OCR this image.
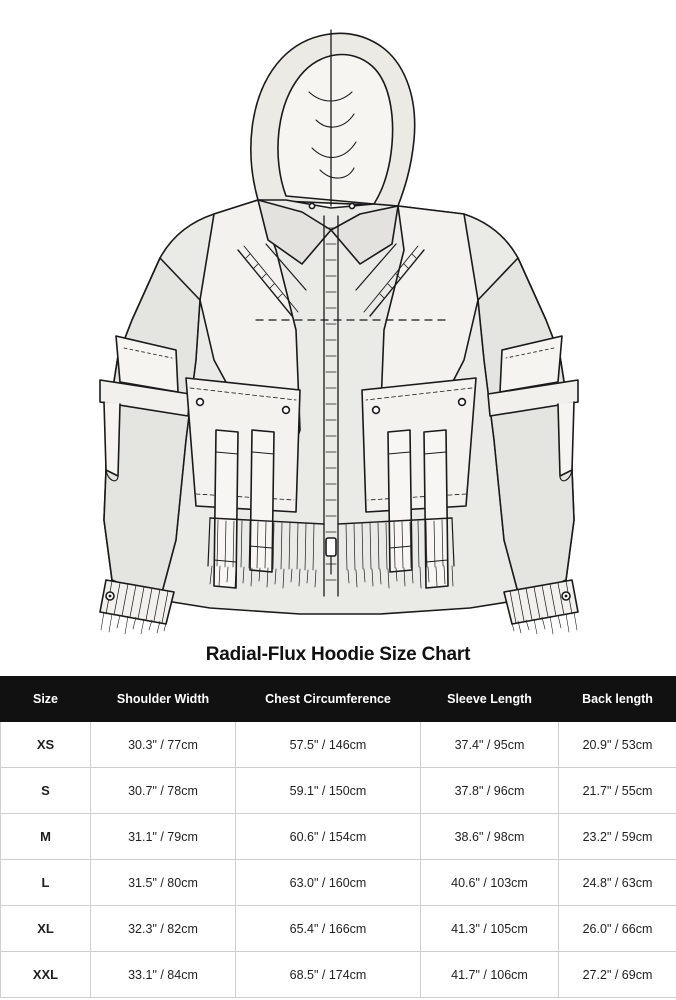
Radial-Flux Hoodie Size Chart
Size	Shoulder Width	Chest Circumference	Sleeve Length	Back length
XS	30.3" / 77cm	57.5" / 146cm	37.4" / 95cm	20.9" / 53cm
S	30.7" / 78cm	59.1" / 150cm	37.8" / 96cm	21.7" / 55cm
M	31.1" / 79cm	60.6" / 154cm	38.6" / 98cm	23.2" / 59cm
L	31.5" / 80cm	63.0" / 160cm	40.6" / 103cm	24.8" / 63cm
XL	32.3" / 82cm	65.4" / 166cm	41.3" / 105cm	26.0" / 66cm
XXL	33.1" / 84cm	68.5" / 174cm	41.7" / 106cm	27.2" / 69cm
